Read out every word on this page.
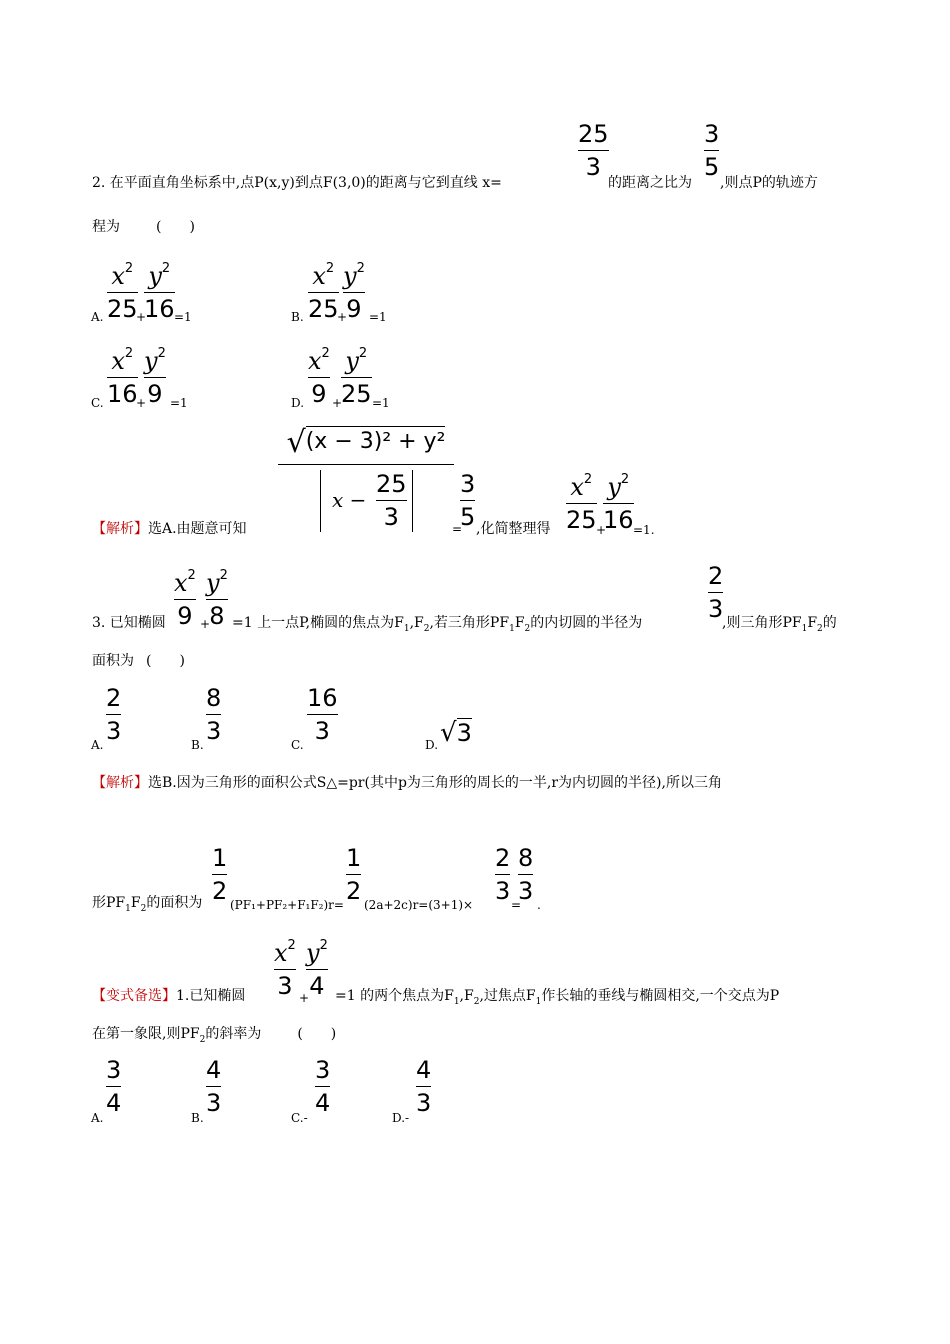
25
3
3
5
2. 在平面直角坐标系中,点P(x,y)到点F(3,0)的距离与它到直线 x=	的距离之比为 ,则点P的轨迹方
程为	(　　)
$x^2$
25
$y^2$
16
A.	+ =1
$x^2$
25
$y^2$
9
B.	+ =1
$x^2$
16
$y^2$
9
C.	+ =1
$x^2$
9
$y^2$
25
D. + =1
√(x − 3)² + y²
x −
25
3
【解析】选A.由题意可知	=
3
5 ,化简整理得
$x^2$
25 +
$y^2$
16 =1.
$x^2$
9
$y^2$
8
2
3
3. 已知椭圆	+ =1 上一点P,椭圆的焦点为$F_1,F_2$,若三角形$PF_1F_2$的内切圆的半径为	,则三角形$PF_1F_2$的
面积为 (　　)
2
3
A.
8
3
B.
16
3
C.	D. √3
【解析】选B.因为三角形的面积公式S△=pr(其中p为三角形的周长的一半,r为内切圆的半径),所以三角
1
2
1
2
2
3
8
3
形$PF_1F_2$的面积为 (PF₁+PF₂+F₁F₂)r= (2a+2c)r=(3+1)×	= .
$x^2$
3
$y^2$
4
【变式备选】1.已知椭圆	+ =1 的两个焦点为$F_1,F_2$,过焦点$F_1$作长轴的垂线与椭圆相交,一个交点为P
在第一象限,则$PF_2$的斜率为	(　　)
3
4
A.
4
3
B.	C.-
3
4
D.-
4
3
